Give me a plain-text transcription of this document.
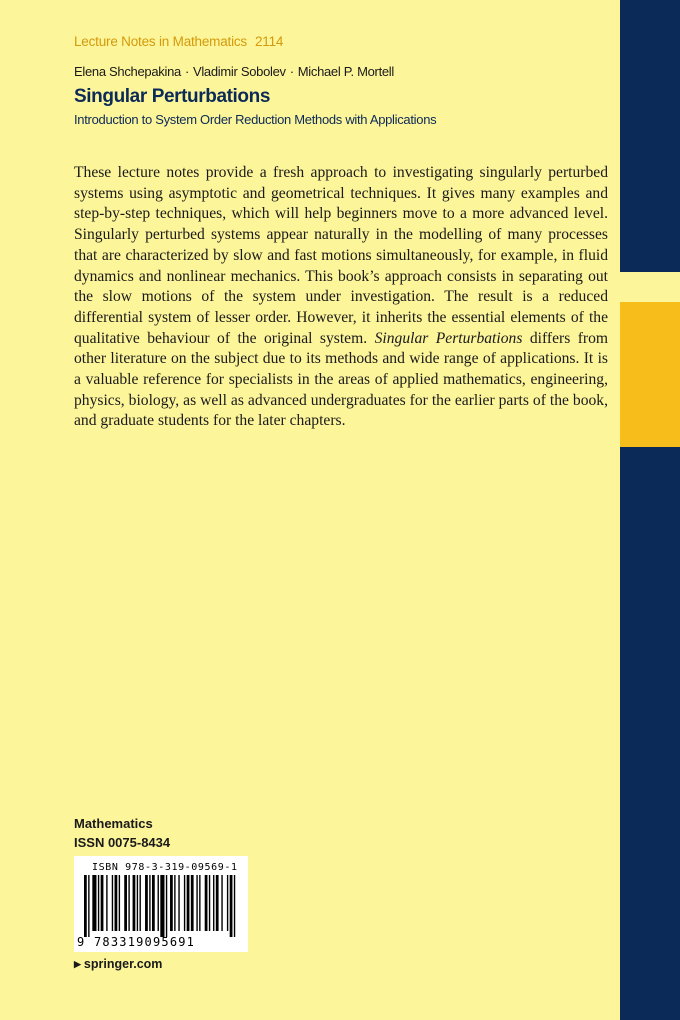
Lecture Notes in Mathematics 2114
Elena Shchepakina · Vladimir Sobolev · Michael P. Mortell
Singular Perturbations
Introduction to System Order Reduction Methods with Applications

These lecture notes provide a fresh approach to investigating singularly perturbed systems using asymptotic and geometrical techniques. It gives many examples and step-by-step techniques, which will help beginners move to a more advanced level. Singularly perturbed systems appear naturally in the modelling of many processes that are characterized by slow and fast motions simultaneously, for example, in fluid dynamics and nonlinear mechanics. This book’s approach consists in separating out the slow motions of the system under investigation. The result is a reduced differential system of lesser order. However, it inherits the essential elements of the qualitative behaviour of the original system. Singular Perturbations differs from other literature on the subject due to its methods and wide range of applications. It is a valuable reference for specialists in the areas of applied mathematics, engineering, physics, biology, as well as advanced undergraduates for the earlier parts of the book, and graduate students for the later chapters.

Mathematics
ISSN 0075-8434
ISBN 978-3-319-09569-1
9 783319095691
▶ springer.com
